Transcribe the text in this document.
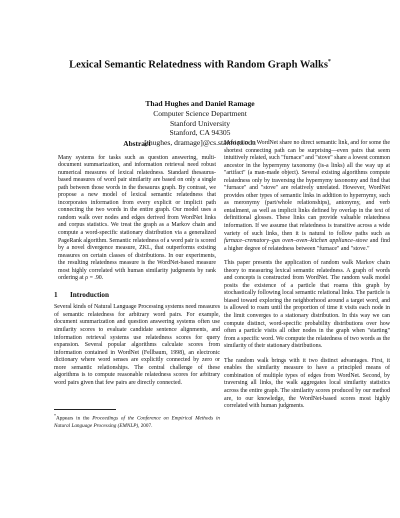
Lexical Semantic Relatedness with Random Graph Walks*
Thad Hughes and Daniel Ramage
Computer Science Department
Stanford University
Stanford, CA 94305
[thughes, dramage]@cs.stanford.edu
Abstract

Many systems for tasks such as question answering, multi-document summarization, and information retrieval need robust numerical measures of lexical relatedness. Standard thesaurus-based measures of word pair similarity are based on only a single path between those words in the thesaurus graph. By contrast, we propose a new model of lexical semantic relatedness that incorporates information from every explicit or implicit path connecting the two words in the entire graph. Our model uses a random walk over nodes and edges derived from WordNet links and corpus statistics. We treat the graph as a Markov chain and compute a word-specific stationary distribution via a generalized PageRank algorithm. Semantic relatedness of a word pair is scored by a novel divergence measure, ZKL, that outperforms existing measures on certain classes of distributions. In our experiments, the resulting relatedness measure is the WordNet-based measure most highly correlated with human similarity judgments by rank ordering at ρ = .90.

1 Introduction

Several kinds of Natural Language Processing systems need measures of semantic relatedness for arbitrary word pairs. For example, document summarization and question answering systems often use similarity scores to evaluate candidate sentence alignments, and information retrieval systems use relatedness scores for query expansion. Several popular algorithms calculate scores from information contained in WordNet (Fellbaum, 1998), an electronic dictionary where word senses are explicitly connected by zero or more semantic relationships. The central challenge of these algorithms is to compute reasonable relatedness scores for arbitrary word pairs given that few pairs are directly connected.

*Appears in the Proceedings of the Conference on Empirical Methods in Natural Language Processing (EMNLP), 2007.

Most pairs in WordNet share no direct semantic link, and for some the shortest connecting path can be surprising—even pairs that seem intuitively related, such "furnace" and "stove" share a lowest common ancestor in the hypernymy taxonomy (is-a links) all the way up at "artifact" (a man-made object). Several existing algorithms compute relatedness only by traversing the hypernymy taxonomy and find that "furnace" and "stove" are relatively unrelated. However, WordNet provides other types of semantic links in addition to hypernymy, such as meronymy (part/whole relationships), antonymy, and verb entailment, as well as implicit links defined by overlap in the text of definitional glosses. These links can provide valuable relatedness information. If we assume that relatedness is transitive across a wide variety of such links, then it is natural to follow paths such as furnace–crematory–gas oven–oven–kitchen appliance–stove and find a higher degree of relatedness between "furnace" and "stove."

This paper presents the application of random walk Markov chain theory to measuring lexical semantic relatedness. A graph of words and concepts is constructed from WordNet. The random walk model posits the existence of a particle that roams this graph by stochastically following local semantic relational links. The particle is biased toward exploring the neighborhood around a target word, and is allowed to roam until the proportion of time it visits each node in the limit converges to a stationary distribution. In this way we can compute distinct, word-specific probability distributions over how often a particle visits all other nodes in the graph when "starting" from a specific word. We compute the relatedness of two words as the similarity of their stationary distributions.

The random walk brings with it two distinct advantages. First, it enables the similarity measure to have a principled means of combination of multiple types of edges from WordNet. Second, by traversing all links, the walk aggregates local similarity statistics across the entire graph. The similarity scores produced by our method are, to our knowledge, the WordNet-based scores most highly correlated with human judgments.
